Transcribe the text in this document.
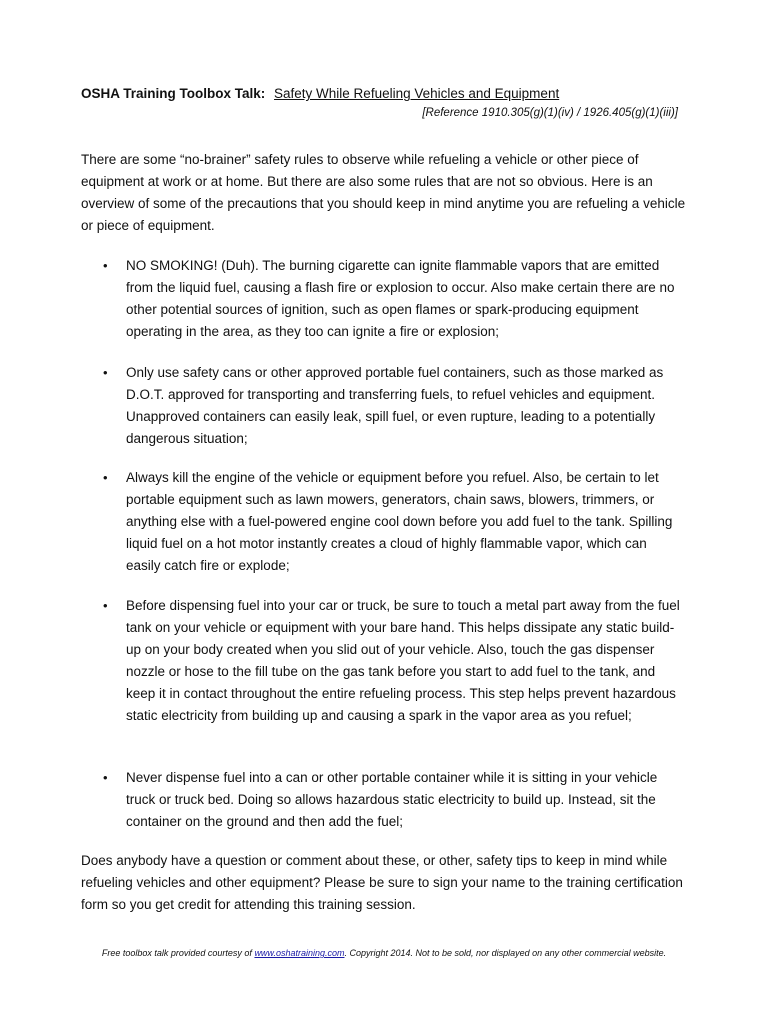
OSHA Training Toolbox Talk: Safety While Refueling Vehicles and Equipment
[Reference 1910.305(g)(1)(iv) / 1926.405(g)(1)(iii)]

There are some “no-brainer” safety rules to observe while refueling a vehicle or other piece of equipment at work or at home. But there are also some rules that are not so obvious. Here is an overview of some of the precautions that you should keep in mind anytime you are refueling a vehicle or piece of equipment.

• NO SMOKING! (Duh). The burning cigarette can ignite flammable vapors that are emitted from the liquid fuel, causing a flash fire or explosion to occur. Also make certain there are no other potential sources of ignition, such as open flames or spark-producing equipment operating in the area, as they too can ignite a fire or explosion;
• Only use safety cans or other approved portable fuel containers, such as those marked as D.O.T. approved for transporting and transferring fuels, to refuel vehicles and equipment. Unapproved containers can easily leak, spill fuel, or even rupture, leading to a potentially dangerous situation;
• Always kill the engine of the vehicle or equipment before you refuel. Also, be certain to let portable equipment such as lawn mowers, generators, chain saws, blowers, trimmers, or anything else with a fuel-powered engine cool down before you add fuel to the tank. Spilling liquid fuel on a hot motor instantly creates a cloud of highly flammable vapor, which can easily catch fire or explode;
• Before dispensing fuel into your car or truck, be sure to touch a metal part away from the fuel tank on your vehicle or equipment with your bare hand. This helps dissipate any static build-up on your body created when you slid out of your vehicle. Also, touch the gas dispenser nozzle or hose to the fill tube on the gas tank before you start to add fuel to the tank, and keep it in contact throughout the entire refueling process. This step helps prevent hazardous static electricity from building up and causing a spark in the vapor area as you refuel;
• Never dispense fuel into a can or other portable container while it is sitting in your vehicle truck or truck bed. Doing so allows hazardous static electricity to build up. Instead, sit the container on the ground and then add the fuel;

Does anybody have a question or comment about these, or other, safety tips to keep in mind while refueling vehicles and other equipment? Please be sure to sign your name to the training certification form so you get credit for attending this training session.

Free toolbox talk provided courtesy of www.oshatraining.com. Copyright 2014. Not to be sold, nor displayed on any other commercial website.
